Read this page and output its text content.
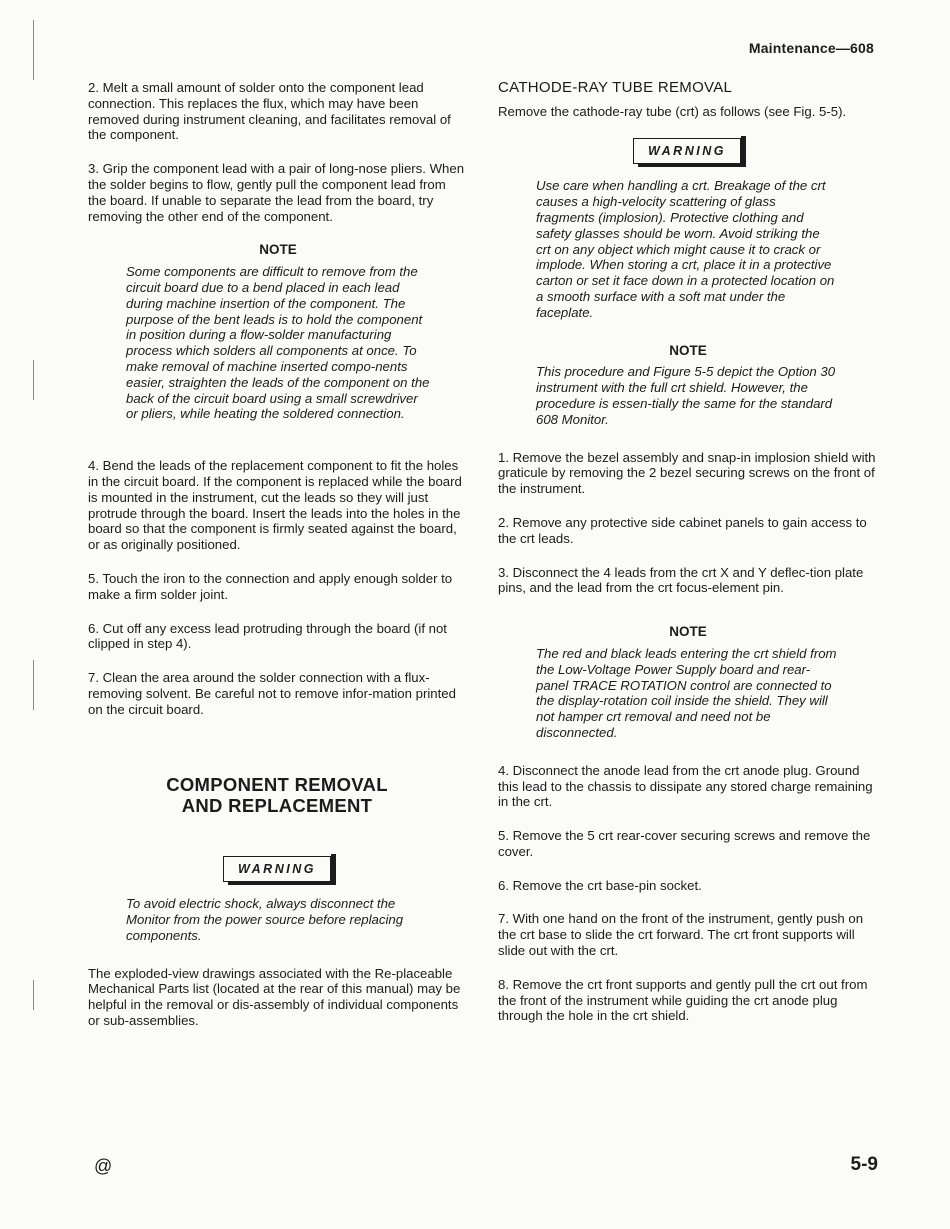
Maintenance—608

2. Melt a small amount of solder onto the component lead connection. This replaces the flux, which may have been removed during instrument cleaning, and facilitates removal of the component.

3. Grip the component lead with a pair of long-nose pliers. When the solder begins to flow, gently pull the component lead from the board. If unable to separate the lead from the board, try removing the other end of the component.

NOTE
Some components are difficult to remove from the circuit board due to a bend placed in each lead during machine insertion of the component. The purpose of the bent leads is to hold the component in position during a flow-solder manufacturing process which solders all components at once. To make removal of machine inserted compo-nents easier, straighten the leads of the component on the back of the circuit board using a small screwdriver or pliers, while heating the soldered connection.

4. Bend the leads of the replacement component to fit the holes in the circuit board. If the component is replaced while the board is mounted in the instrument, cut the leads so they will just protrude through the board. Insert the leads into the holes in the board so that the component is firmly seated against the board, or as originally positioned.

5. Touch the iron to the connection and apply enough solder to make a firm solder joint.

6. Cut off any excess lead protruding through the board (if not clipped in step 4).

7. Clean the area around the solder connection with a flux-removing solvent. Be careful not to remove infor-mation printed on the circuit board.

COMPONENT REMOVAL
AND REPLACEMENT
WARNING
To avoid electric shock, always disconnect the Monitor from the power source before replacing components.

The exploded-view drawings associated with the Re-placeable Mechanical Parts list (located at the rear of this manual) may be helpful in the removal or dis-assembly of individual components or sub-assemblies.

CATHODE-RAY TUBE REMOVAL

Remove the cathode-ray tube (crt) as follows (see Fig. 5-5).

WARNING
Use care when handling a crt. Breakage of the crt causes a high-velocity scattering of glass fragments (implosion). Protective clothing and safety glasses should be worn. Avoid striking the crt on any object which might cause it to crack or implode. When storing a crt, place it in a protective carton or set it face down in a protected location on a smooth surface with a soft mat under the faceplate.
NOTE
This procedure and Figure 5-5 depict the Option 30 instrument with the full crt shield. However, the procedure is essen-tially the same for the standard 608 Monitor.

1. Remove the bezel assembly and snap-in implosion shield with graticule by removing the 2 bezel securing screws on the front of the instrument.

2. Remove any protective side cabinet panels to gain access to the crt leads.

3. Disconnect the 4 leads from the crt X and Y deflec-tion plate pins, and the lead from the crt focus-element pin.

NOTE
The red and black leads entering the crt shield from the Low-Voltage Power Supply board and rear-panel TRACE ROTATION control are connected to the display-rotation coil inside the shield. They will not hamper crt removal and need not be disconnected.

4. Disconnect the anode lead from the crt anode plug. Ground this lead to the chassis to dissipate any stored charge remaining in the crt.

5. Remove the 5 crt rear-cover securing screws and remove the cover.

6. Remove the crt base-pin socket.

7. With one hand on the front of the instrument, gently push on the crt base to slide the crt forward. The crt front supports will slide out with the crt.

8. Remove the crt front supports and gently pull the crt out from the front of the instrument while guiding the crt anode plug through the hole in the crt shield.

@	5-9
